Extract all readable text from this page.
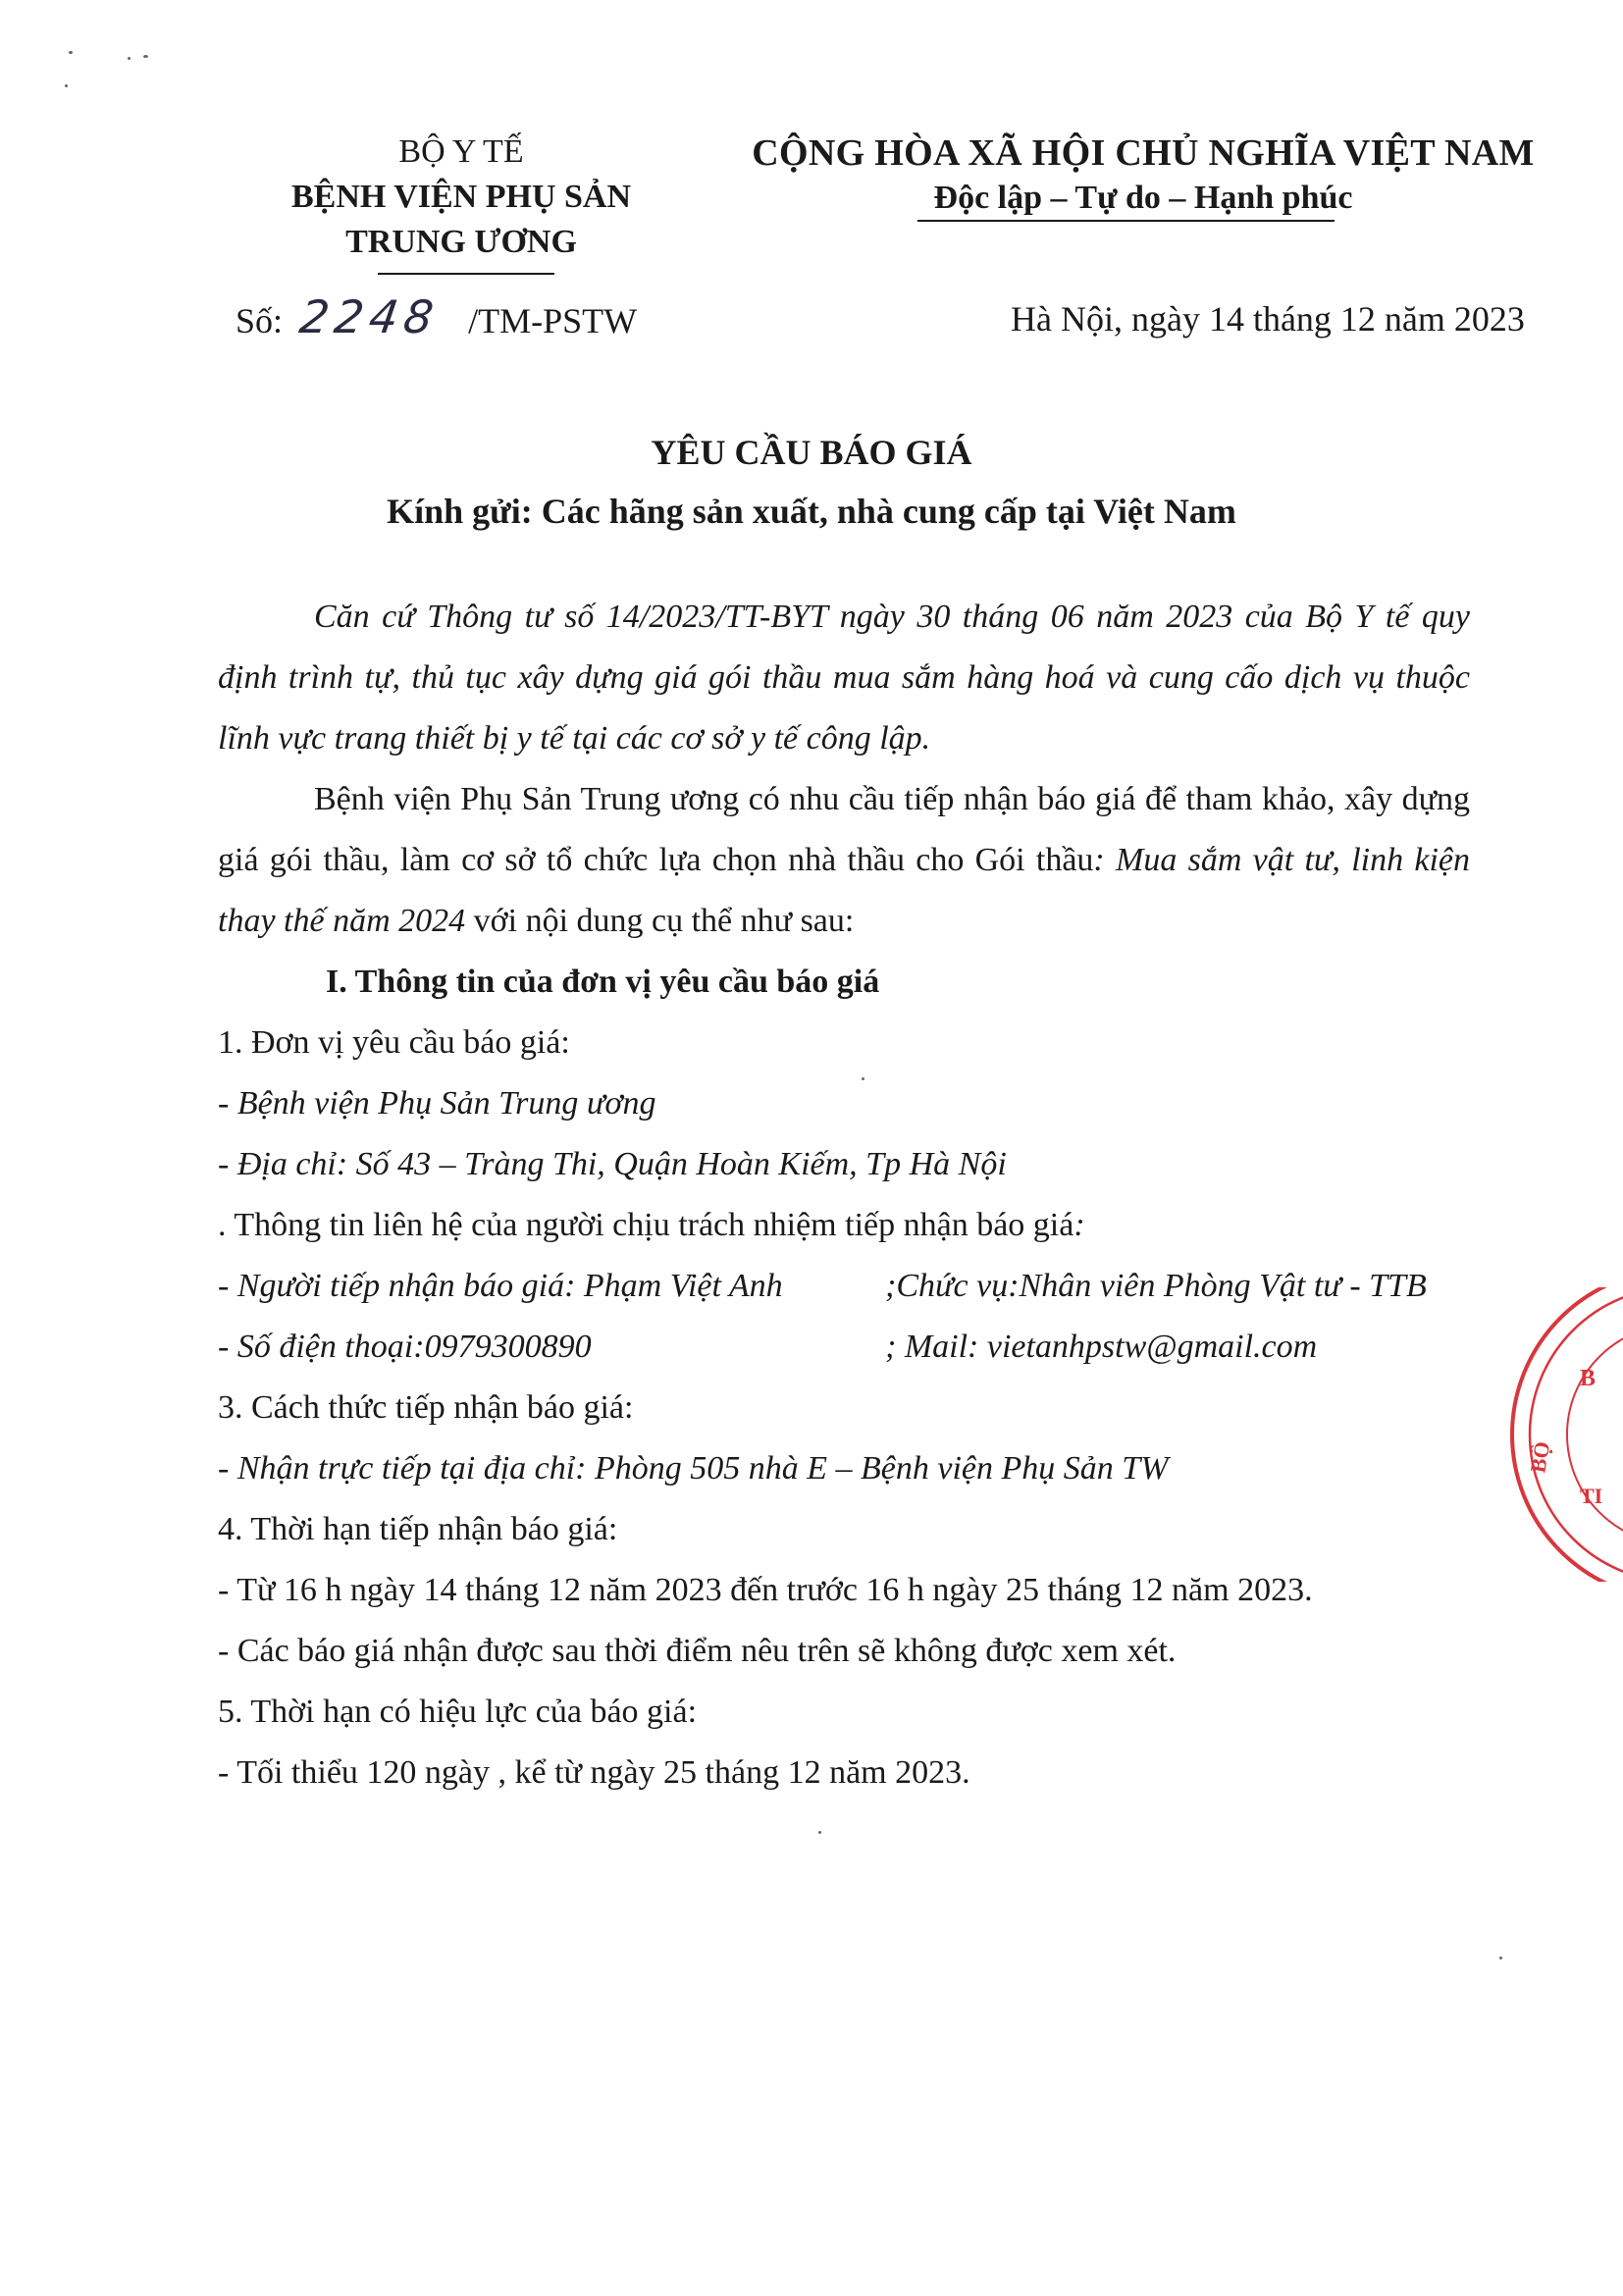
BỘ Y TẾ
BỆNH VIỆN PHỤ SẢN
TRUNG ƯƠNG
CỘNG HÒA XÃ HỘI CHỦ NGHĨA VIỆT NAM
Độc lập – Tự do – Hạnh phúc
Số: 2248 /TM-PSTW	Hà Nội, ngày 14 tháng 12 năm 2023
YÊU CẦU BÁO GIÁ
Kính gửi: Các hãng sản xuất, nhà cung cấp tại Việt Nam

Căn cứ Thông tư số 14/2023/TT-BYT ngày 30 tháng 06 năm 2023 của Bộ Y tế quy định trình tự, thủ tục xây dựng giá gói thầu mua sắm hàng hoá và cung cấo dịch vụ thuộc lĩnh vực trang thiết bị y tế tại các cơ sở y tế công lập.

Bệnh viện Phụ Sản Trung ương có nhu cầu tiếp nhận báo giá để tham khảo, xây dựng giá gói thầu, làm cơ sở tổ chức lựa chọn nhà thầu cho Gói thầu: Mua sắm vật tư, linh kiện thay thế năm 2024 với nội dung cụ thể như sau:

I. Thông tin của đơn vị yêu cầu báo giá

1. Đơn vị yêu cầu báo giá:

- Bệnh viện Phụ Sản Trung ương

- Địa chỉ: Số 43 – Tràng Thi, Quận Hoàn Kiếm, Tp Hà Nội

. Thông tin liên hệ của người chịu trách nhiệm tiếp nhận báo giá:

- Người tiếp nhận báo giá: Phạm Việt Anh	;Chức vụ:Nhân viên Phòng Vật tư - TTB

- Số điện thoại:0979300890	; Mail: vietanhpstw@gmail.com

3. Cách thức tiếp nhận báo giá:

- Nhận trực tiếp tại địa chỉ: Phòng 505 nhà E – Bệnh viện Phụ Sản TW

4. Thời hạn tiếp nhận báo giá:

- Từ 16 h ngày 14 tháng 12 năm 2023 đến trước 16 h ngày 25 tháng 12 năm 2023.

- Các báo giá nhận được sau thời điểm nêu trên sẽ không được xem xét.

5. Thời hạn có hiệu lực của báo giá:

- Tối thiểu 120 ngày , kể từ ngày 25 tháng 12 năm 2023.

B
BỘ
TI
